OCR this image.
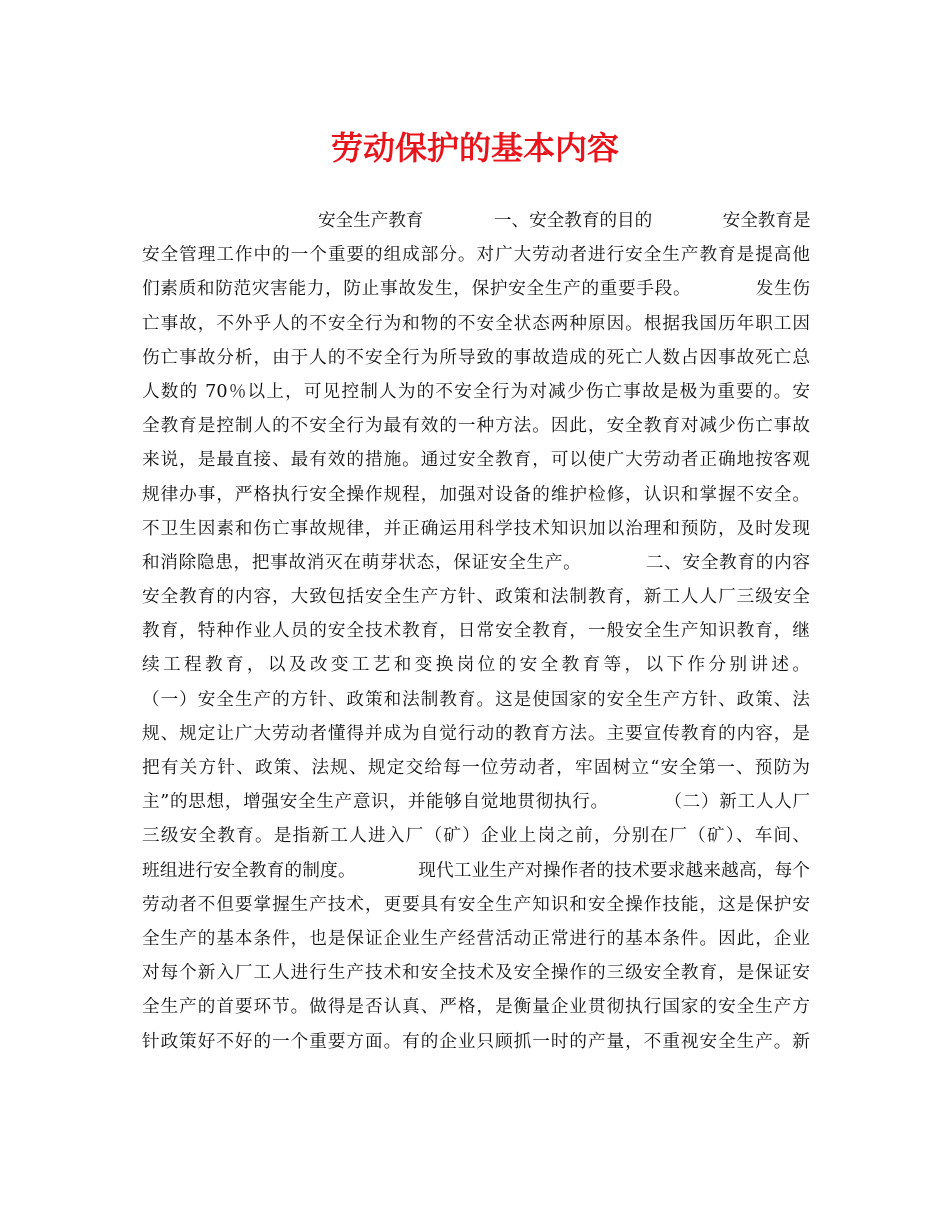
劳动保护的基本内容
　　　　　　　　　　安全生产教育　　　　一、安全教育的目的　　　　安全教育是
安全管理工作中的一个重要的组成部分。对广大劳动者进行安全生产教育是提高他
们素质和防范灾害能力，防止事故发生，保护安全生产的重要手段。　　　　发生伤
亡事故，不外乎人的不安全行为和物的不安全状态两种原因。根据我国历年职工因
伤亡事故分析，由于人的不安全行为所导致的事故造成的死亡人数占因事故死亡总
人数的 70％以上，可见控制人为的不安全行为对减少伤亡事故是极为重要的。安
全教育是控制人的不安全行为最有效的一种方法。因此，安全教育对减少伤亡事故
来说，是最直接、最有效的措施。通过安全教育，可以使广大劳动者正确地按客观
规律办事，严格执行安全操作规程，加强对设备的维护检修，认识和掌握不安全。
不卫生因素和伤亡事故规律，并正确运用科学技术知识加以治理和预防，及时发现
和消除隐患，把事故消灭在萌芽状态，保证安全生产。　　　　二、安全教育的内容
安全教育的内容，大致包括安全生产方针、政策和法制教育，新工人人厂三级安全
教育，特种作业人员的安全技术教育，日常安全教育，一般安全生产知识教育，继
续工程教育，以及改变工艺和变换岗位的安全教育等，以下作分别讲述。
（一）安全生产的方针、政策和法制教育。这是使国家的安全生产方针、政策、法
规、规定让广大劳动者懂得并成为自觉行动的教育方法。主要宣传教育的内容，是
把有关方针、政策、法规、规定交给每一位劳动者，牢固树立“安全第一、预防为
主”的思想，增强安全生产意识，并能够自觉地贯彻执行。　　　　（二）新工人人厂
三级安全教育。是指新工人进入厂（矿）企业上岗之前，分别在厂（矿）、车间、
班组进行安全教育的制度。　　　　现代工业生产对操作者的技术要求越来越高，每个
劳动者不但要掌握生产技术，更要具有安全生产知识和安全操作技能，这是保护安
全生产的基本条件，也是保证企业生产经营活动正常进行的基本条件。因此，企业
对每个新入厂工人进行生产技术和安全技术及安全操作的三级安全教育，是保证安
全生产的首要环节。做得是否认真、严格，是衡量企业贯彻执行国家的安全生产方
针政策好不好的一个重要方面。有的企业只顾抓一时的产量，不重视安全生产。新
